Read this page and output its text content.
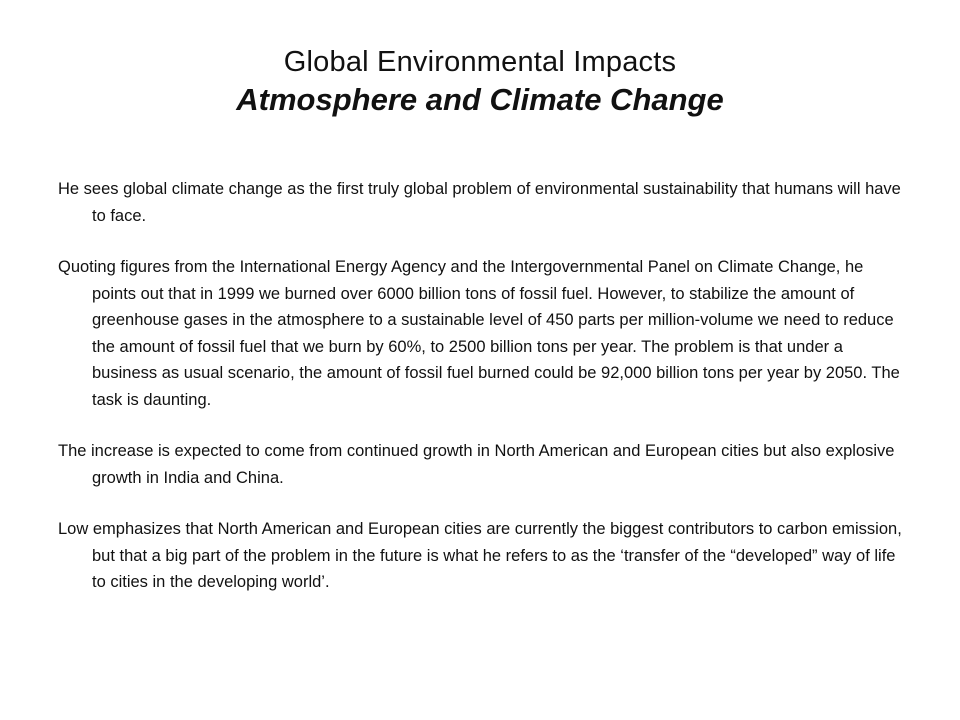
Global Environmental Impacts
Atmosphere and Climate Change

He sees global climate change as the first truly global problem of environmental sustainability that humans will have to face.

Quoting figures from the International Energy Agency and the Intergovernmental Panel on Climate Change, he points out that in 1999 we burned over 6000 billion tons of fossil fuel. However, to stabilize the amount of greenhouse gases in the atmosphere to a sustainable level of 450 parts per million-volume we need to reduce the amount of fossil fuel that we burn by 60%, to 2500 billion tons per year. The problem is that under a business as usual scenario, the amount of fossil fuel burned could be 92,000 billion tons per year by 2050. The task is daunting.

The increase is expected to come from continued growth in North American and European cities but also explosive growth in India and China.

Low emphasizes that North American and European cities are currently the biggest contributors to carbon emission, but that a big part of the problem in the future is what he refers to as the ‘transfer of the “developed” way of life to cities in the developing world’.
